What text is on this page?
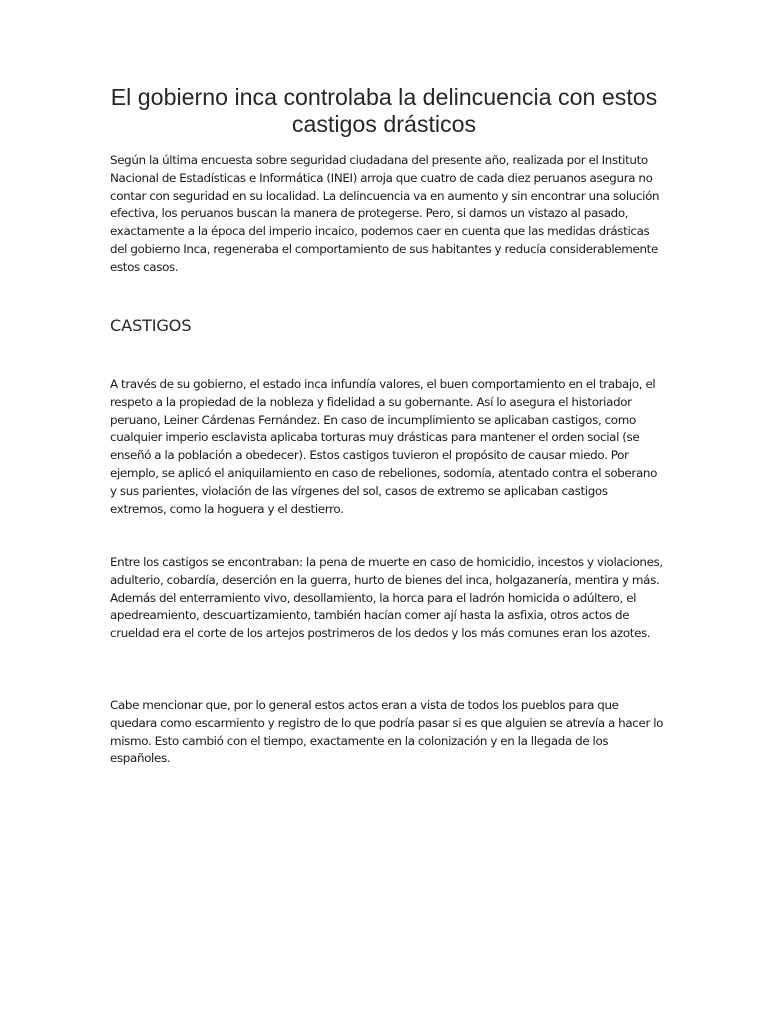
El gobierno inca controlaba la delincuencia con estos castigos drásticos

Según la última encuesta sobre seguridad ciudadana del presente año, realizada por el Instituto Nacional de Estadísticas e Informática (INEI) arroja que cuatro de cada diez peruanos asegura no contar con seguridad en su localidad. La delincuencia va en aumento y sin encontrar una solución efectiva, los peruanos buscan la manera de protegerse. Pero, si damos un vistazo al pasado, exactamente a la época del imperio incaico, podemos caer en cuenta que las medidas drásticas del gobierno Inca, regeneraba el comportamiento de sus habitantes y reducía considerablemente estos casos.

CASTIGOS

A través de su gobierno, el estado inca infundía valores, el buen comportamiento en el trabajo, el respeto a la propiedad de la nobleza y fidelidad a su gobernante. Así lo asegura el historiador peruano, Leiner Cárdenas Fernández. En caso de incumplimiento se aplicaban castigos, como cualquier imperio esclavista aplicaba torturas muy drásticas para mantener el orden social (se enseñó a la población a obedecer). Estos castigos tuvieron el propósito de causar miedo. Por ejemplo, se aplicó el aniquilamiento en caso de rebeliones, sodomía, atentado contra el soberano y sus parientes, violación de las vírgenes del sol, casos de extremo se aplicaban castigos extremos, como la hoguera y el destierro.

Entre los castigos se encontraban: la pena de muerte en caso de homicidio, incestos y violaciones, adulterio, cobardía, deserción en la guerra, hurto de bienes del inca, holgazanería, mentira y más. Además del enterramiento vivo, desollamiento, la horca para el ladrón homicida o adúltero, el apedreamiento, descuartizamiento, también hacían comer ají hasta la asfixia, otros actos de crueldad era el corte de los artejos postrimeros de los dedos y los más comunes eran los azotes.

Cabe mencionar que, por lo general estos actos eran a vista de todos los pueblos para que quedara como escarmiento y registro de lo que podría pasar si es que alguien se atrevía a hacer lo mismo. Esto cambió con el tiempo, exactamente en la colonización y en la llegada de los españoles.
